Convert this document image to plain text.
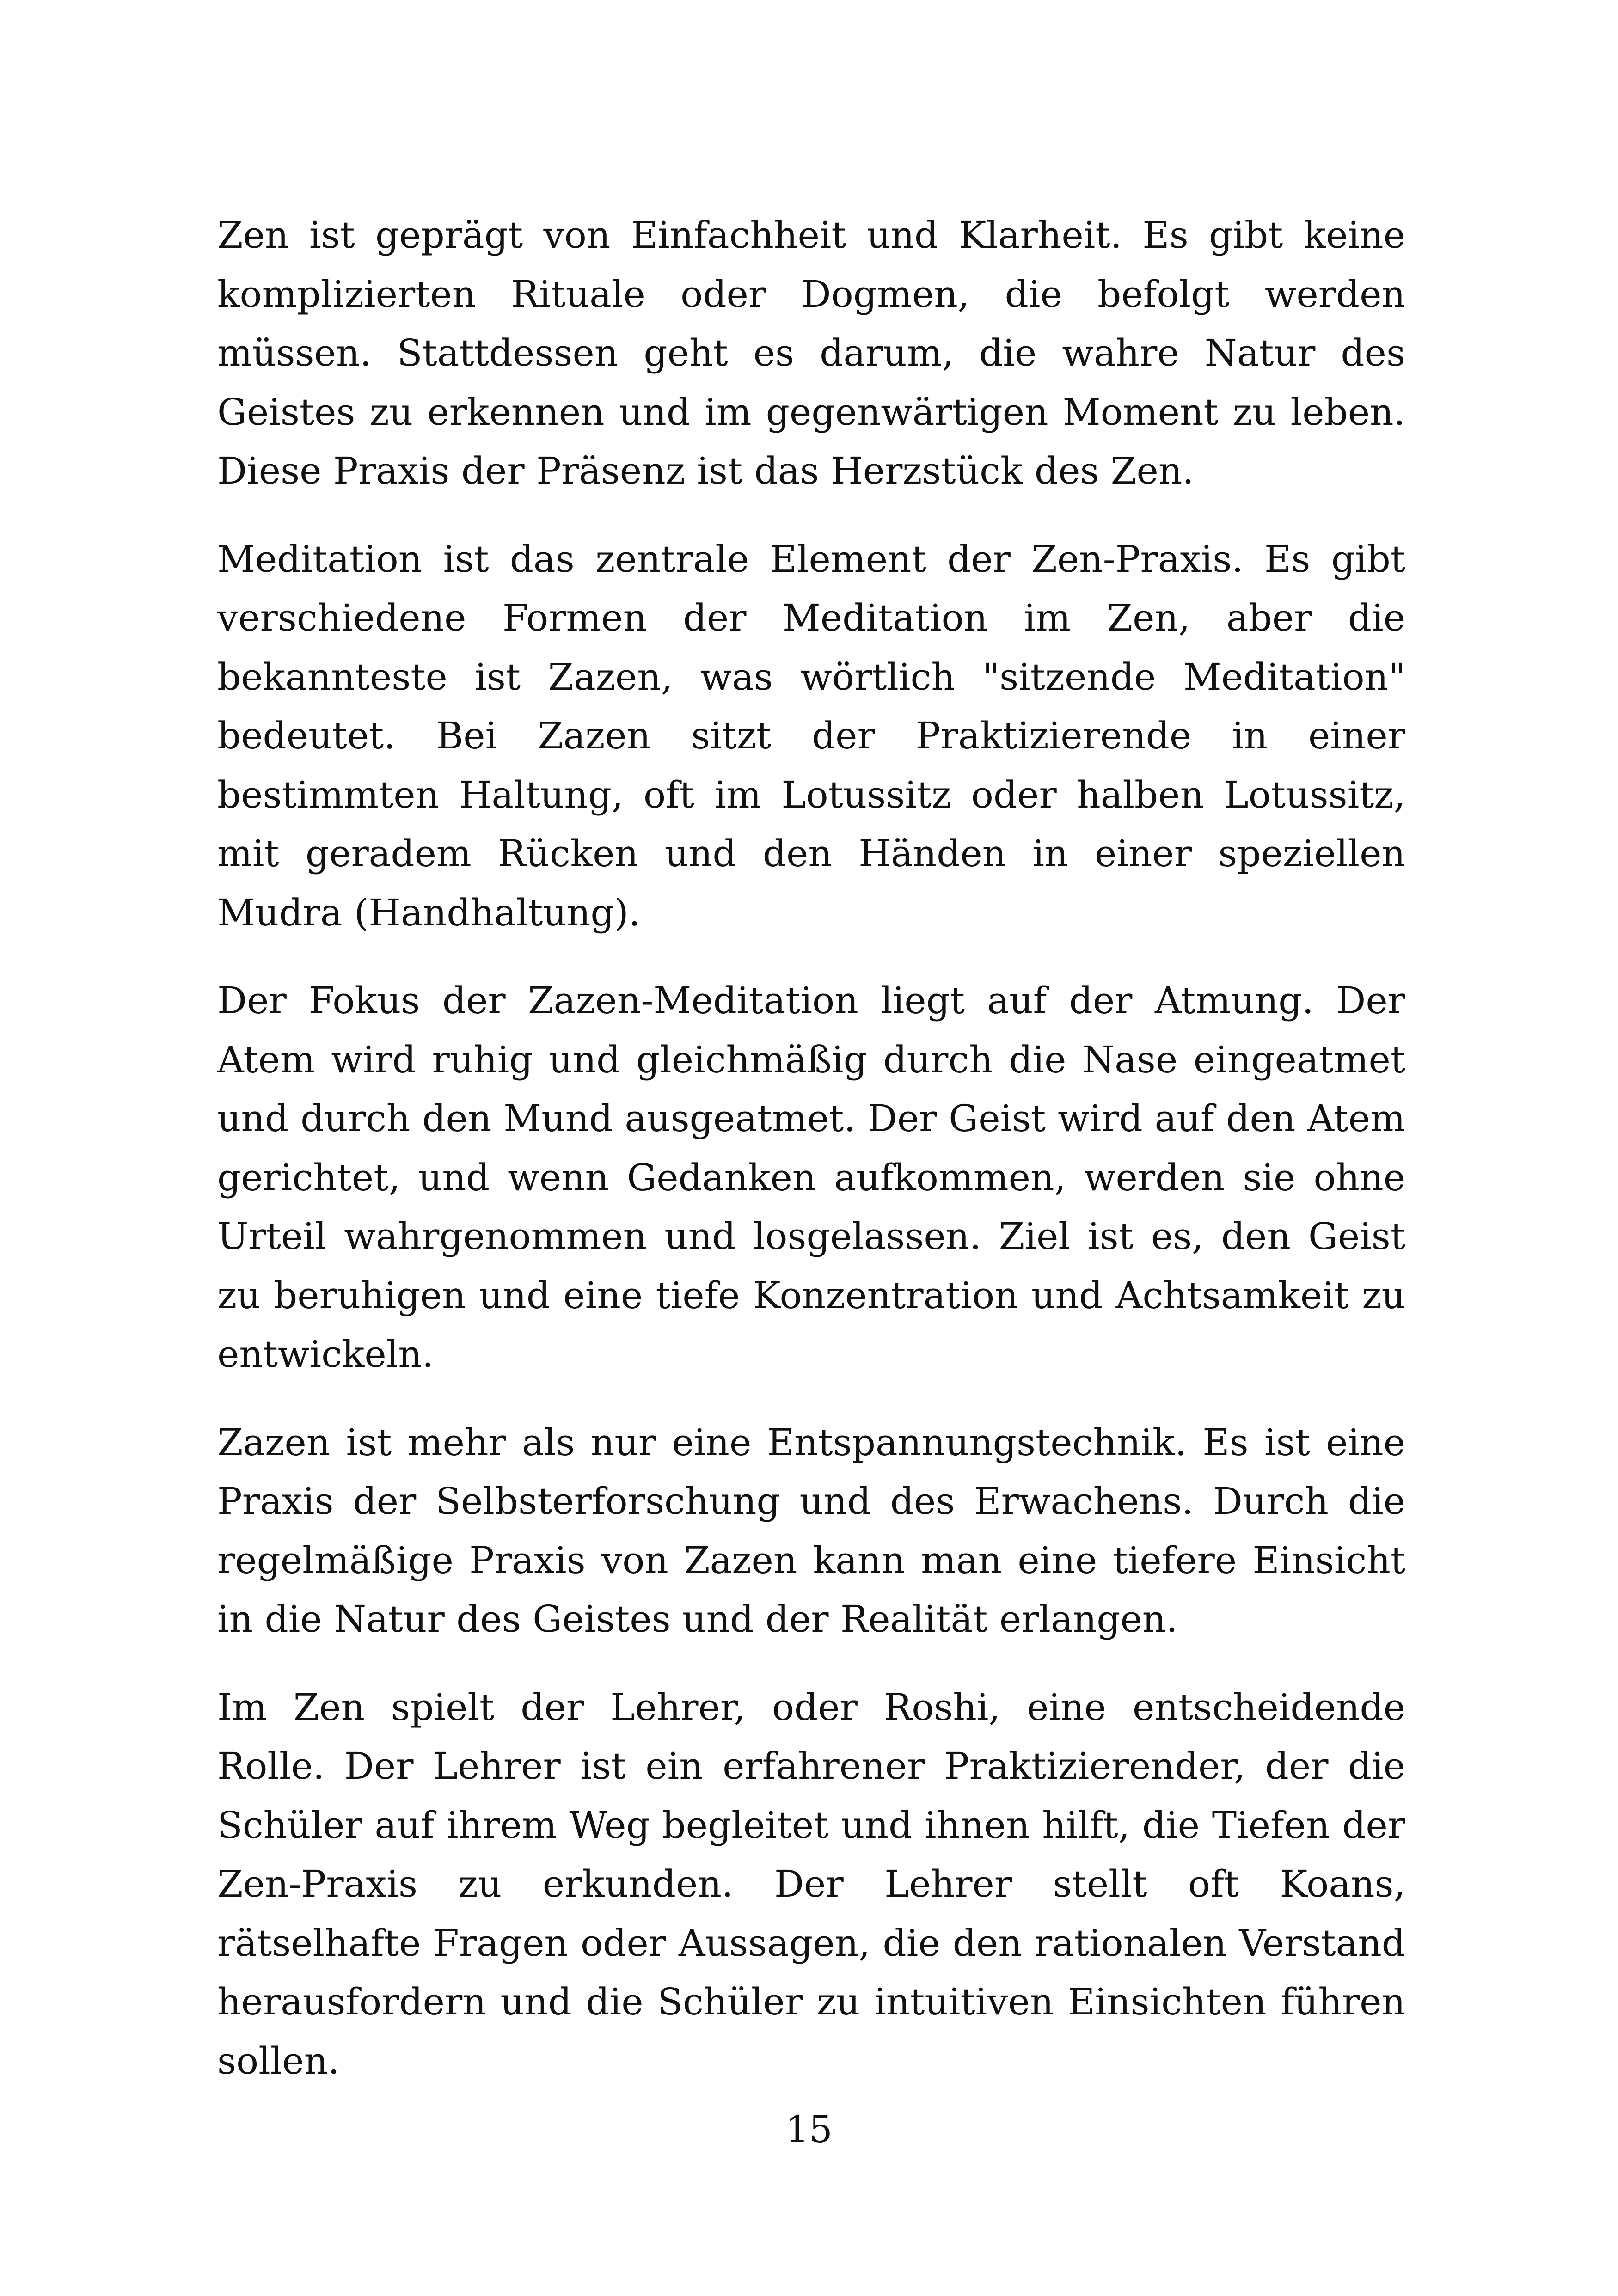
Zen ist geprägt von Einfachheit und Klarheit. Es gibt keine komplizierten Rituale oder Dogmen, die befolgt werden müssen. Stattdessen geht es darum, die wahre Natur des Geistes zu erkennen und im gegenwärtigen Moment zu leben. Diese Praxis der Präsenz ist das Herzstück des Zen.

Meditation ist das zentrale Element der Zen-Praxis. Es gibt verschiedene Formen der Meditation im Zen, aber die bekannteste ist Zazen, was wörtlich "sitzende Meditation" bedeutet. Bei Zazen sitzt der Praktizierende in einer bestimmten Haltung, oft im Lotussitz oder halben Lotussitz, mit geradem Rücken und den Händen in einer speziellen Mudra (Handhaltung).

Der Fokus der Zazen-Meditation liegt auf der Atmung. Der Atem wird ruhig und gleichmäßig durch die Nase eingeatmet und durch den Mund ausgeatmet. Der Geist wird auf den Atem gerichtet, und wenn Gedanken aufkommen, werden sie ohne Urteil wahrgenommen und losgelassen. Ziel ist es, den Geist zu beruhigen und eine tiefe Konzentration und Achtsamkeit zu entwickeln.

Zazen ist mehr als nur eine Entspannungstechnik. Es ist eine Praxis der Selbsterforschung und des Erwachens. Durch die regelmäßige Praxis von Zazen kann man eine tiefere Einsicht in die Natur des Geistes und der Realität erlangen.

Im Zen spielt der Lehrer, oder Roshi, eine entscheidende Rolle. Der Lehrer ist ein erfahrener Praktizierender, der die Schüler auf ihrem Weg begleitet und ihnen hilft, die Tiefen der Zen-Praxis zu erkunden. Der Lehrer stellt oft Koans, rätselhafte Fragen oder Aussagen, die den rationalen Verstand herausfordern und die Schüler zu intuitiven Einsichten führen sollen.

15
